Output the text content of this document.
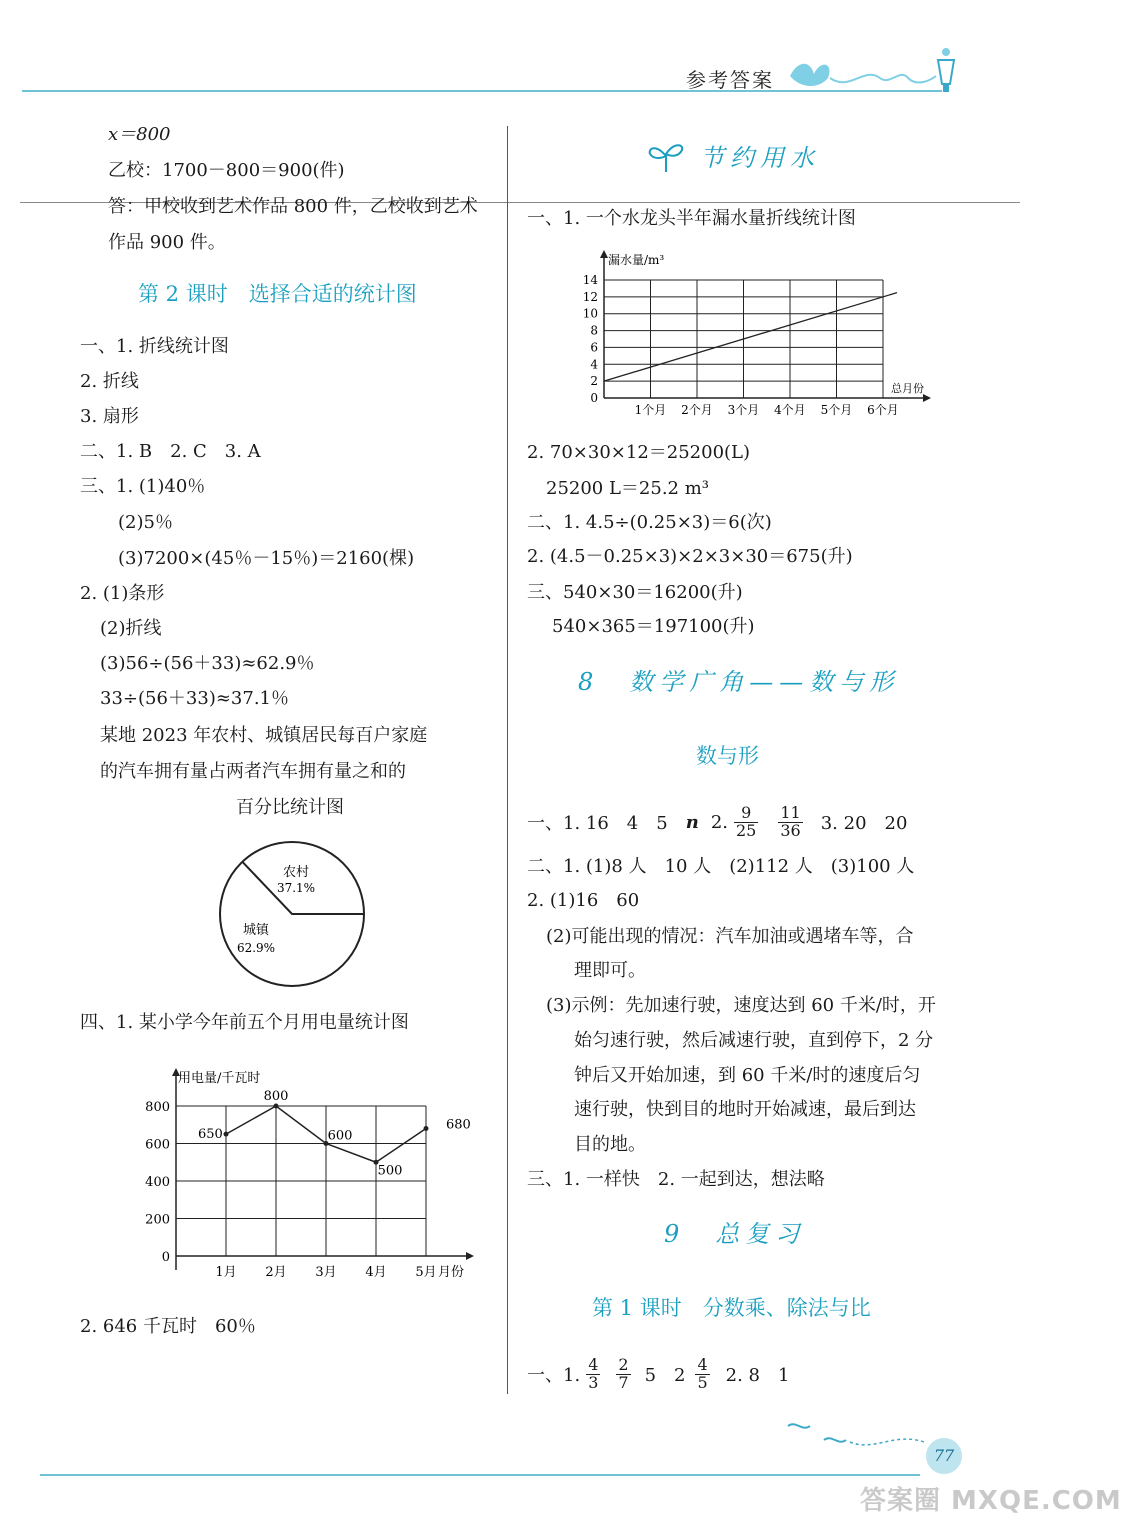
参考答案
x＝800
乙校：1700－800＝900(件)
答：甲校收到艺术作品 800 件，乙校收到艺术
作品 900 件。
第 2 课时　选择合适的统计图
一、1. 折线统计图
2. 折线
3. 扇形
二、1. B　2. C　3. A
三、1. (1)40％
(2)5％
(3)7200×(45％－15％)＝2160(棵)
2. (1)条形
(2)折线
(3)56÷(56＋33)≈62.9％
33÷(56＋33)≈37.1％
某地 2023 年农村、城镇居民每百户家庭
的汽车拥有量占两者汽车拥有量之和的
百分比统计图
农村
37.1%
城镇
62.9%
四、1. 某小学今年前五个月用电量统计图
0
200
400
600
800
用电量/千瓦时
1月 2月 3月 4月 5月 月份
650
800
600
500
680
2. 646 千瓦时　60％
节约用水
一、1. 一个水龙头半年漏水量折线统计图
0
2
4
6
8
10
12
14
漏水量/m³
1个月 2个月 3个月 4个月 5个月 6个月
总月份
2. 70×30×12＝25200(L)
25200 L＝25.2 m³
二、1. 4.5÷(0.25×3)＝6(次)
2. (4.5－0.25×3)×2×3×30＝675(升)
三、540×30＝16200(升)
540×365＝197100(升)
8　数学广角——数与形
数与形
一、1. 16　4　5　 n 2. $\frac{9}{25} \frac{11}{36} 3$. 20　20
二、1. (1)8 人　10 人　(2)112 人　(3)100 人
2. (1)16　60
(2)可能出现的情况：汽车加油或遇堵车等，合
理即可。
(3)示例：先加速行驶，速度达到 60 千米/时，开
始匀速行驶，然后减速行驶，直到停下，2 分
钟后又开始加速，到 60 千米/时的速度后匀
速行驶，快到目的地时开始减速，最后到达
目的地。
三、1. 一样快　2. 一起到达，想法略
9　总复习
第 1 课时　分数乘、除法与比
一、1. $\frac{4}{3} \frac{2}{7} 5$　$2 \frac{4}{5} 2$. 8　1
77
答案圈 MXQE.COM
